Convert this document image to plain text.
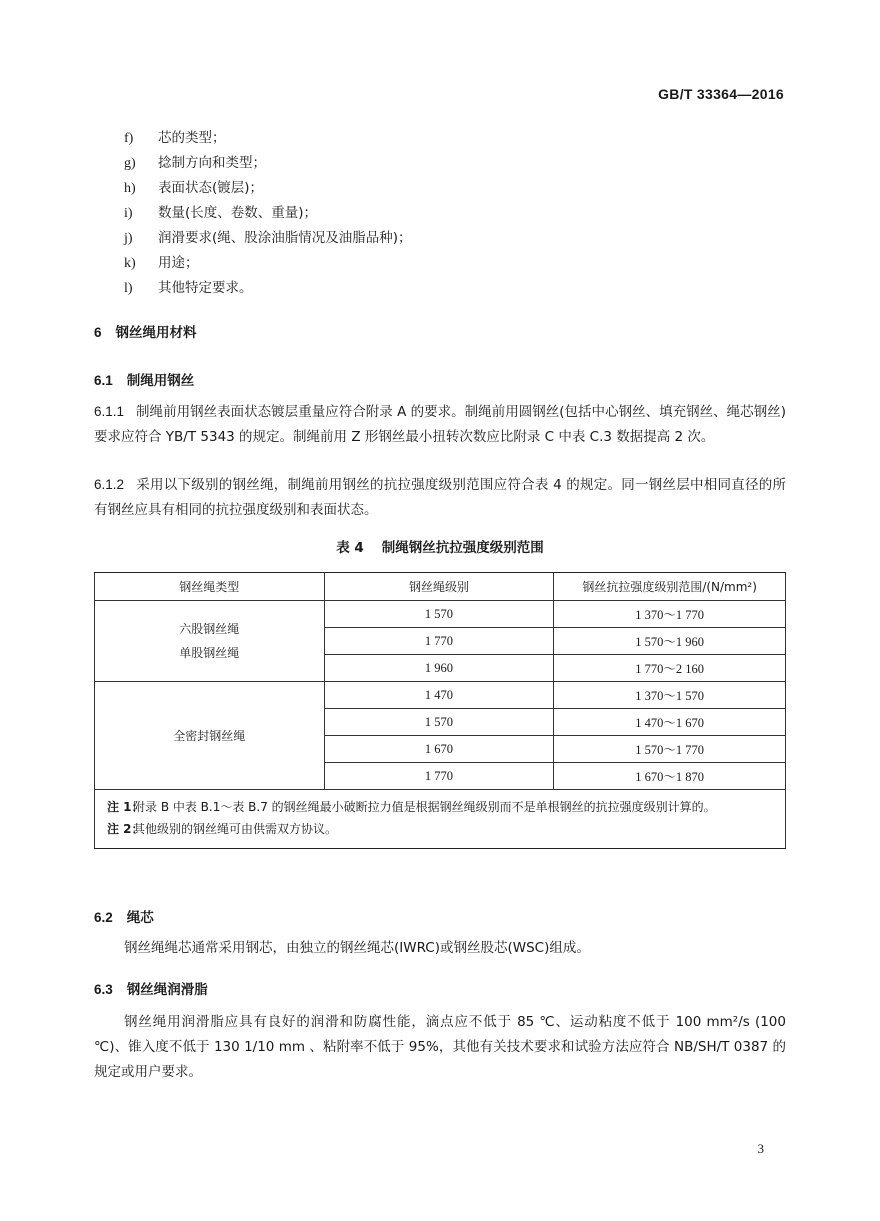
GB/T 33364—2016
f)	芯的类型；
g)	捻制方向和类型；
h)	表面状态(镀层)；
i)	数量(长度、卷数、重量)；
j)	润滑要求(绳、股涂油脂情况及油脂品种)；
k)	用途；
l)	其他特定要求。
6 钢丝绳用材料
6.1 制绳用钢丝
6.1.1 制绳前用钢丝表面状态镀层重量应符合附录 A 的要求。制绳前用圆钢丝(包括中心钢丝、填充钢丝、绳芯钢丝)要求应符合 YB/T 5343 的规定。制绳前用 Z 形钢丝最小扭转次数应比附录 C 中表 C.3 数据提高 2 次。
6.1.2 采用以下级别的钢丝绳，制绳前用钢丝的抗拉强度级别范围应符合表 4 的规定。同一钢丝层中相同直径的所有钢丝应具有相同的抗拉强度级别和表面状态。
表 4 制绳钢丝抗拉强度级别范围
钢丝绳类型	钢丝绳级别	钢丝抗拉强度级别范围/(N/mm²)

六股钢丝绳
单股钢丝绳	1 570	1 370～1 770
	1 770	1 570～1 960
	1 960	1 770～2 160

全密封钢丝绳	1 470	1 370～1 570
	1 570	1 470～1 670
	1 670	1 570～1 770
	1 770	1 670～1 870

注 1：
附录 B 中表 B.1～表 B.7 的钢丝绳最小破断拉力值是根据钢丝绳级别而不是单根钢丝的抗拉强度级别计算的。
注 2：
其他级别的钢丝绳可由供需双方协议。		
6.2 绳芯
钢丝绳绳芯通常采用钢芯，由独立的钢丝绳芯(IWRC)或钢丝股芯(WSC)组成。
6.3 钢丝绳润滑脂
钢丝绳用润滑脂应具有良好的润滑和防腐性能，滴点应不低于 85 ℃、运动粘度不低于 100 mm²/s (100 ℃)、锥入度不低于 130 1/10 mm 、粘附率不低于 95%，其他有关技术要求和试验方法应符合 NB/SH/T 0387 的规定或用户要求。
3
